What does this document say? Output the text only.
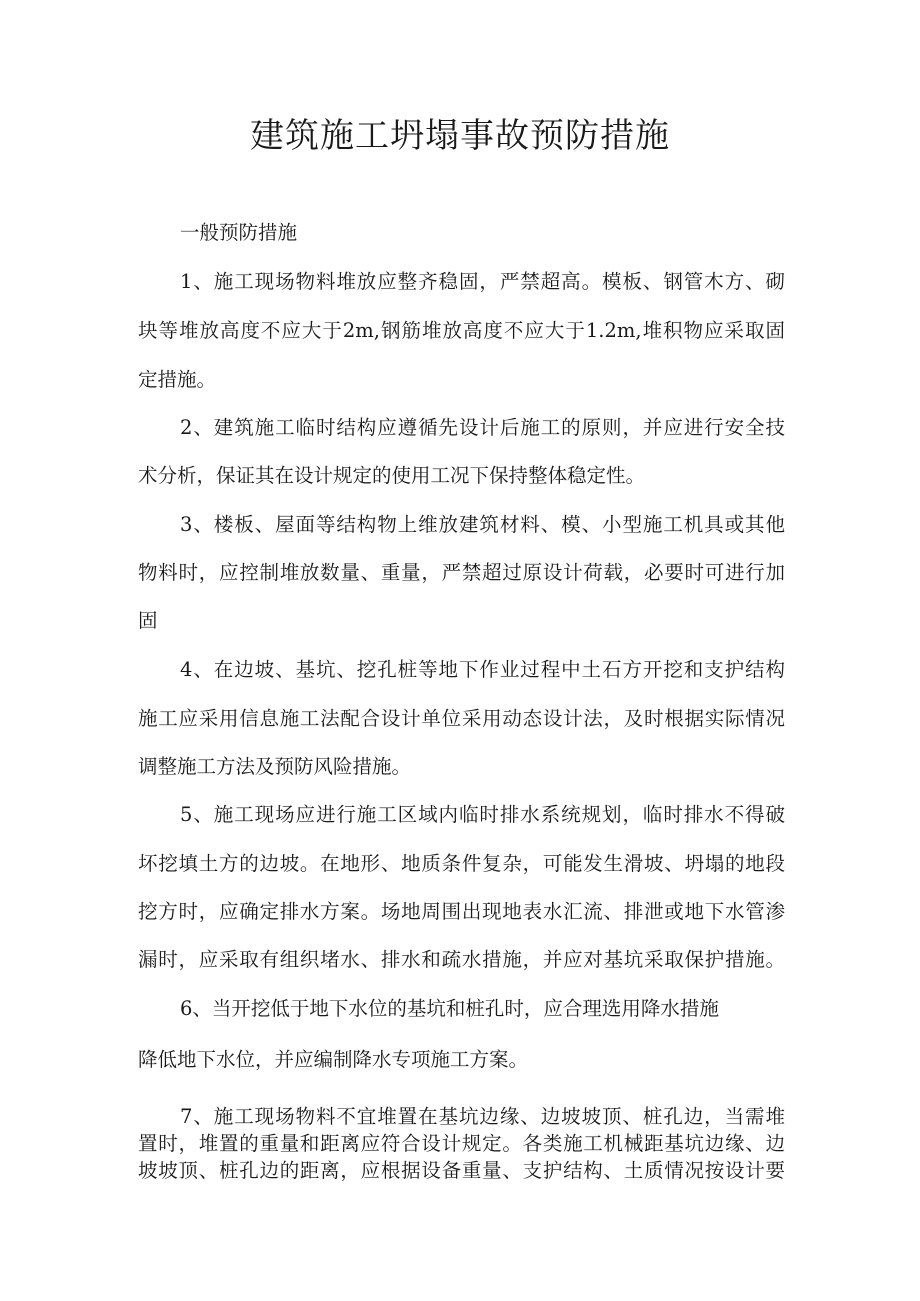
建筑施工坍塌事故预防措施

一般预防措施

1、施工现场物料堆放应整齐稳固，严禁超高。模板、钢管木方、砌

块等堆放高度不应大于2m,钢筋堆放高度不应大于1.2m,堆积物应采取固

定措施。

2、建筑施工临时结构应遵循先设计后施工的原则，并应进行安全技

术分析，保证其在设计规定的使用工况下保持整体稳定性。

3、楼板、屋面等结构物上维放建筑材料、模、小型施工机具或其他

物料时，应控制堆放数量、重量，严禁超过原设计荷载，必要时可进行加

固

4、在边坡、基坑、挖孔桩等地下作业过程中土石方开挖和支护结构

施工应采用信息施工法配合设计单位采用动态设计法，及时根据实际情况

调整施工方法及预防风险措施。

5、施工现场应进行施工区域内临时排水系统规划，临时排水不得破

坏挖填土方的边坡。在地形、地质条件复杂，可能发生滑坡、坍塌的地段

挖方时，应确定排水方案。场地周围出现地表水汇流、排泄或地下水管渗

漏时，应采取有组织堵水、排水和疏水措施，并应对基坑采取保护措施。

6、当开挖低于地下水位的基坑和桩孔时，应合理选用降水措施

降低地下水位，并应编制降水专项施工方案。

7、施工现场物料不宜堆置在基坑边缘、边坡坡顶、桩孔边，当需堆

置时，堆置的重量和距离应符合设计规定。各类施工机械距基坑边缘、边

坡坡顶、桩孔边的距离，应根据设备重量、支护结构、土质情况按设计要
